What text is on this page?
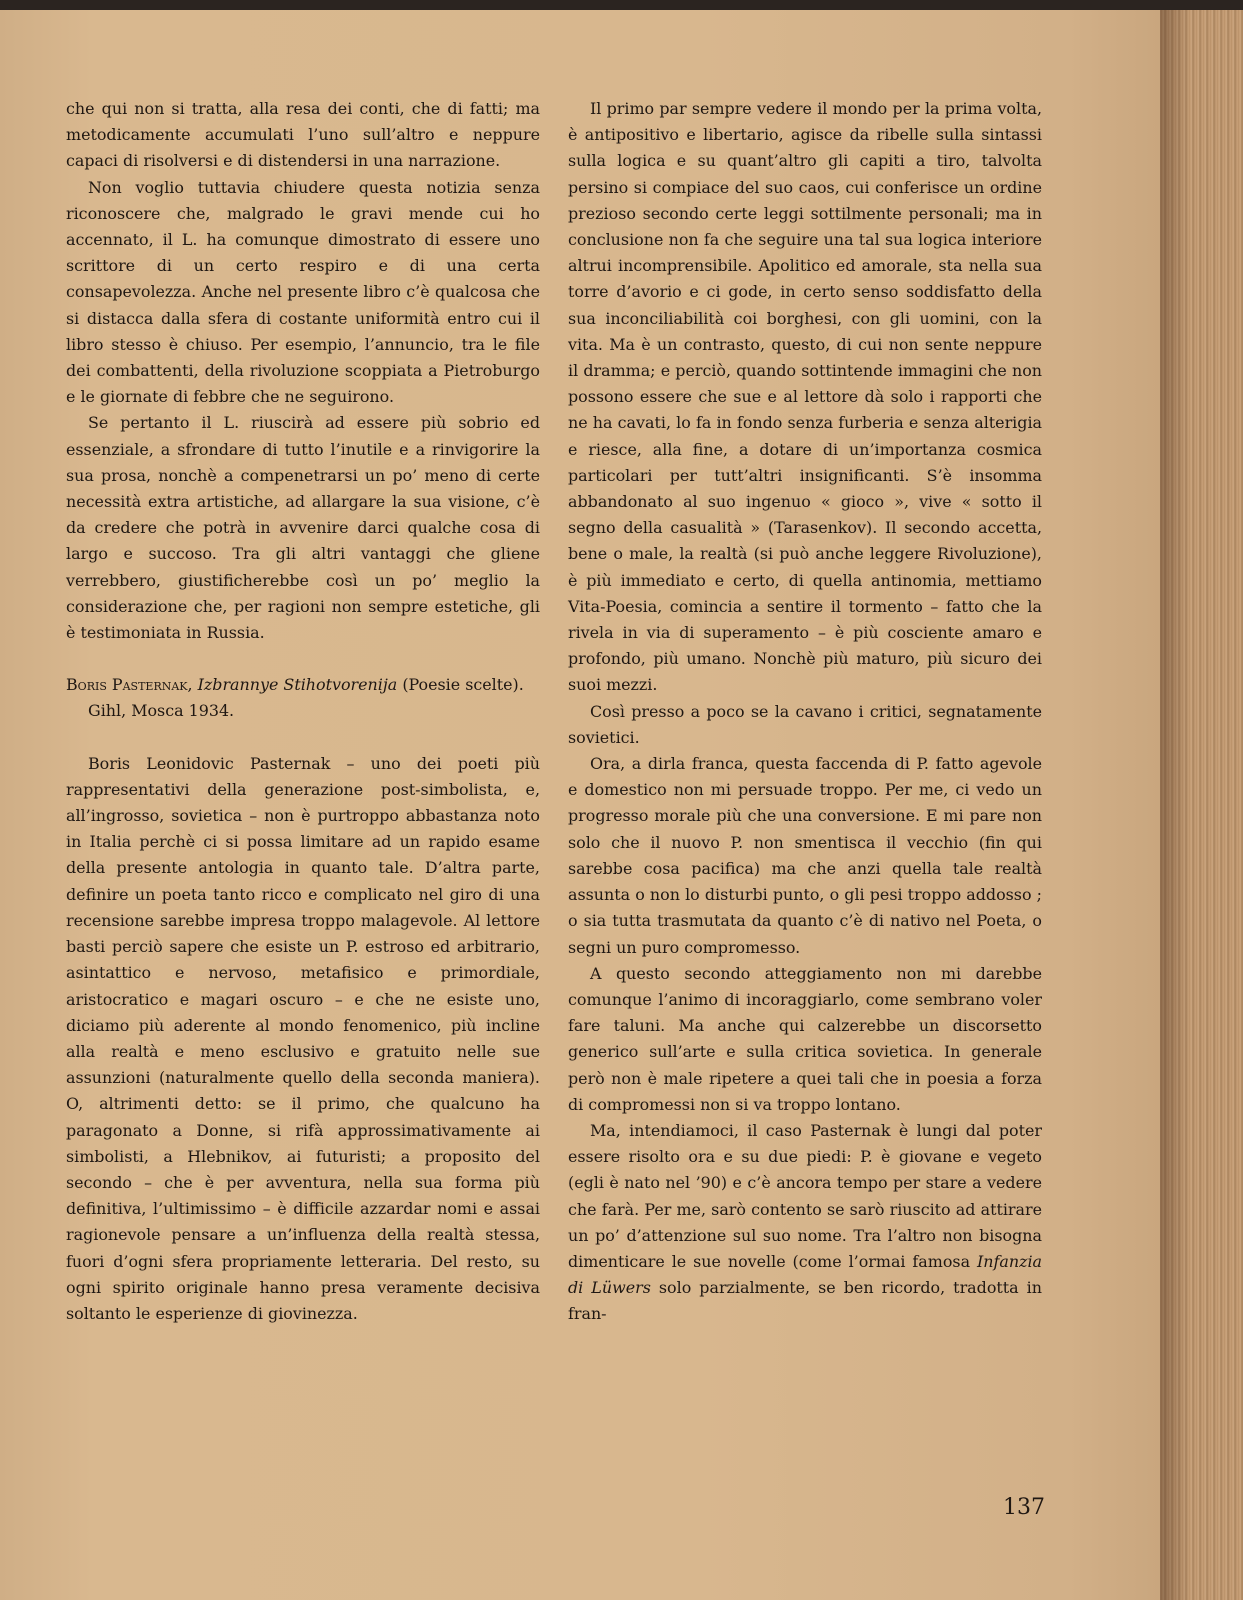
che qui non si tratta, alla resa dei conti, che di fatti; ma metodicamente accumulati l’uno sull’altro e neppure capaci di risolversi e di distendersi in una narrazione.

Non voglio tuttavia chiudere questa notizia senza riconoscere che, malgrado le gravi mende cui ho accennato, il L. ha comunque dimostrato di essere uno scrittore di un certo respiro e di una certa consapevolezza. Anche nel presente libro c’è qualcosa che si distacca dalla sfera di costante uniformità entro cui il libro stesso è chiuso. Per esempio, l’annuncio, tra le file dei combattenti, della rivoluzione scoppiata a Pietroburgo e le giornate di febbre che ne seguirono.

Se pertanto il L. riuscirà ad essere più sobrio ed essenziale, a sfrondare di tutto l’inutile e a rinvigorire la sua prosa, nonchè a compenetrarsi un po’ meno di certe necessità extra artistiche, ad allargare la sua visione, c’è da credere che potrà in avvenire darci qualche cosa di largo e succoso. Tra gli altri vantaggi che gliene verrebbero, giustificherebbe così un po’ meglio la considerazione che, per ragioni non sempre estetiche, gli è testimoniata in Russia.

Boris Pasternak, Izbrannye Stihotvorenija (Poesie scelte). Gihl, Mosca 1934.

Boris Leonidovic Pasternak – uno dei poeti più rappresentativi della generazione post-simbolista, e, all’ingrosso, sovietica – non è purtroppo abbastanza noto in Italia perchè ci si possa limitare ad un rapido esame della presente antologia in quanto tale. D’altra parte, definire un poeta tanto ricco e complicato nel giro di una recensione sarebbe impresa troppo malagevole. Al lettore basti perciò sapere che esiste un P. estroso ed arbitrario, asintattico e nervoso, metafisico e primordiale, aristocratico e magari oscuro – e che ne esiste uno, diciamo più aderente al mondo fenomenico, più incline alla realtà e meno esclusivo e gratuito nelle sue assunzioni (naturalmente quello della seconda maniera). O, altrimenti detto: se il primo, che qualcuno ha paragonato a Donne, si rifà approssimativamente ai simbolisti, a Hlebnikov, ai futuristi; a proposito del secondo – che è per avventura, nella sua forma più definitiva, l’ultimissimo – è difficile azzardar nomi e assai ragionevole pensare a un’influenza della realtà stessa, fuori d’ogni sfera propriamente letteraria. Del resto, su ogni spirito originale hanno presa veramente decisiva soltanto le esperienze di giovinezza.

Il primo par sempre vedere il mondo per la prima volta, è antipositivo e libertario, agisce da ribelle sulla sintassi sulla logica e su quant’altro gli capiti a tiro, talvolta persino si compiace del suo caos, cui conferisce un ordine prezioso secondo certe leggi sottilmente personali; ma in conclusione non fa che seguire una tal sua logica interiore altrui incomprensibile. Apolitico ed amorale, sta nella sua torre d’avorio e ci gode, in certo senso soddisfatto della sua inconciliabilità coi borghesi, con gli uomini, con la vita. Ma è un contrasto, questo, di cui non sente neppure il dramma; e perciò, quando sottintende immagini che non possono essere che sue e al lettore dà solo i rapporti che ne ha cavati, lo fa in fondo senza furberia e senza alterigia e riesce, alla fine, a dotare di un’importanza cosmica particolari per tutt’altri insignificanti. S’è insomma abbandonato al suo ingenuo « gioco », vive « sotto il segno della casualità » (Tarasenkov). Il secondo accetta, bene o male, la realtà (si può anche leggere Rivoluzione), è più immediato e certo, di quella antinomia, mettiamo Vita-Poesia, comincia a sentire il tormento – fatto che la rivela in via di superamento – è più cosciente amaro e profondo, più umano. Nonchè più maturo, più sicuro dei suoi mezzi.

Così presso a poco se la cavano i critici, segnatamente sovietici.

Ora, a dirla franca, questa faccenda di P. fatto agevole e domestico non mi persuade troppo. Per me, ci vedo un progresso morale più che una conversione. E mi pare non solo che il nuovo P. non smentisca il vecchio (fin qui sarebbe cosa pacifica) ma che anzi quella tale realtà assunta o non lo disturbi punto, o gli pesi troppo addosso ; o sia tutta trasmutata da quanto c’è di nativo nel Poeta, o segni un puro compromesso.

A questo secondo atteggiamento non mi darebbe comunque l’animo di incoraggiarlo, come sembrano voler fare taluni. Ma anche qui calzerebbe un discorsetto generico sull’arte e sulla critica sovietica. In generale però non è male ripetere a quei tali che in poesia a forza di compromessi non si va troppo lontano.

Ma, intendiamoci, il caso Pasternak è lungi dal poter essere risolto ora e su due piedi: P. è giovane e vegeto (egli è nato nel ’90) e c’è ancora tempo per stare a vedere che farà. Per me, sarò contento se sarò riuscito ad attirare un po’ d’attenzione sul suo nome. Tra l’altro non bisogna dimenticare le sue novelle (come l’ormai famosa Infanzia di Lüwers solo parzialmente, se ben ricordo, tradotta in fran-

137
